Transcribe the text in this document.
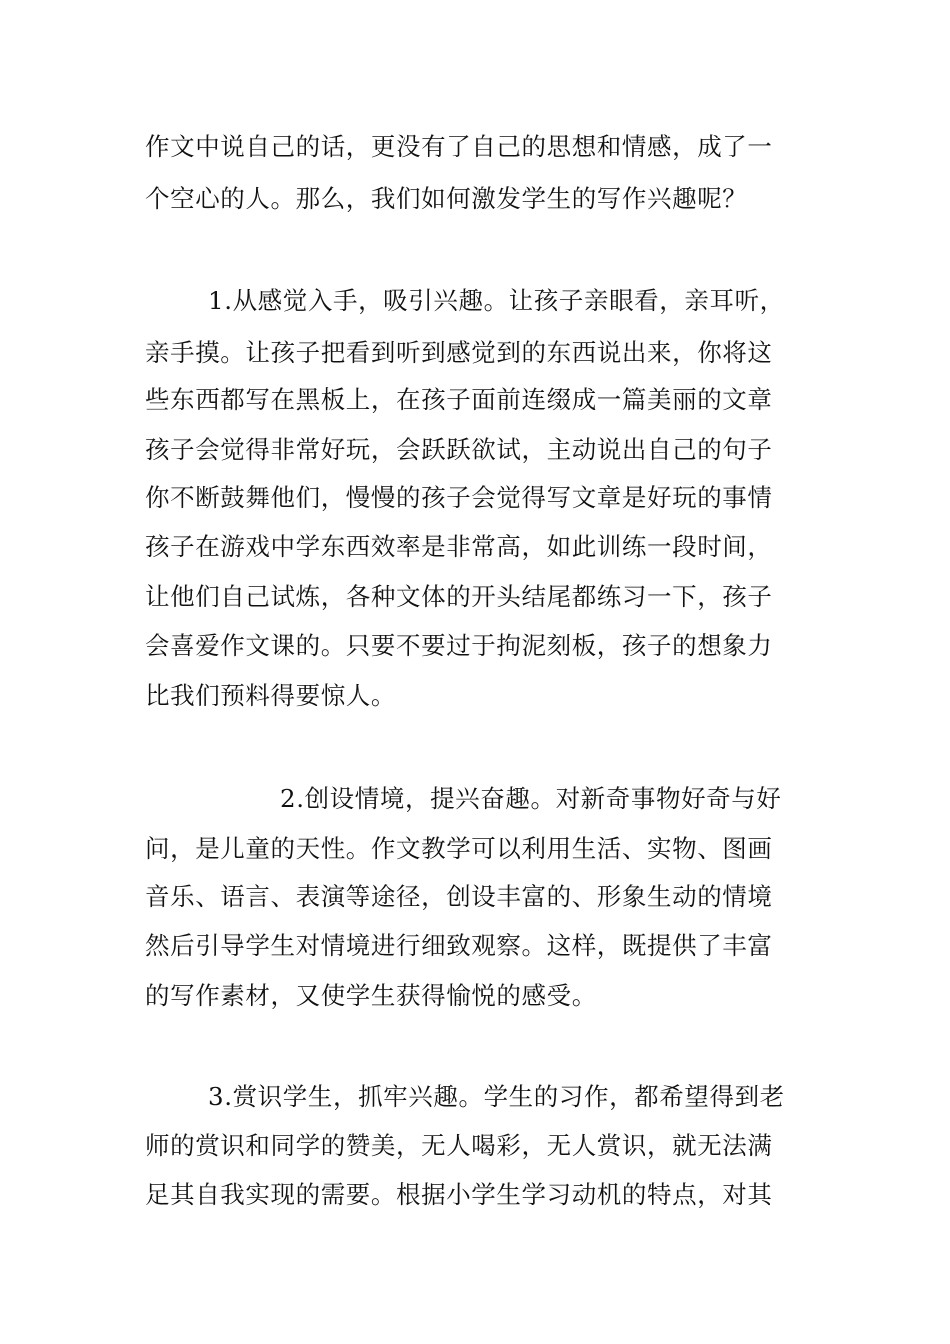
作文中说自己的话，更没有了自己的思想和情感，成了一
个空心的人。那么，我们如何激发学生的写作兴趣呢？
1.从感觉入手，吸引兴趣。让孩子亲眼看，亲耳听，
亲手摸。让孩子把看到听到感觉到的东西说出来，你将这
些东西都写在黑板上，在孩子面前连缀成一篇美丽的文章
孩子会觉得非常好玩，会跃跃欲试，主动说出自己的句子
你不断鼓舞他们，慢慢的孩子会觉得写文章是好玩的事情
孩子在游戏中学东西效率是非常高，如此训练一段时间，
让他们自己试炼，各种文体的开头结尾都练习一下，孩子
会喜爱作文课的。只要不要过于拘泥刻板，孩子的想象力
比我们预料得要惊人。
2.创设情境，提兴奋趣。对新奇事物好奇与好
问，是儿童的天性。作文教学可以利用生活、实物、图画
音乐、语言、表演等途径，创设丰富的、形象生动的情境
然后引导学生对情境进行细致观察。这样，既提供了丰富
的写作素材，又使学生获得愉悦的感受。
3.赏识学生，抓牢兴趣。学生的习作，都希望得到老
师的赏识和同学的赞美，无人喝彩，无人赏识，就无法满
足其自我实现的需要。根据小学生学习动机的特点，对其
